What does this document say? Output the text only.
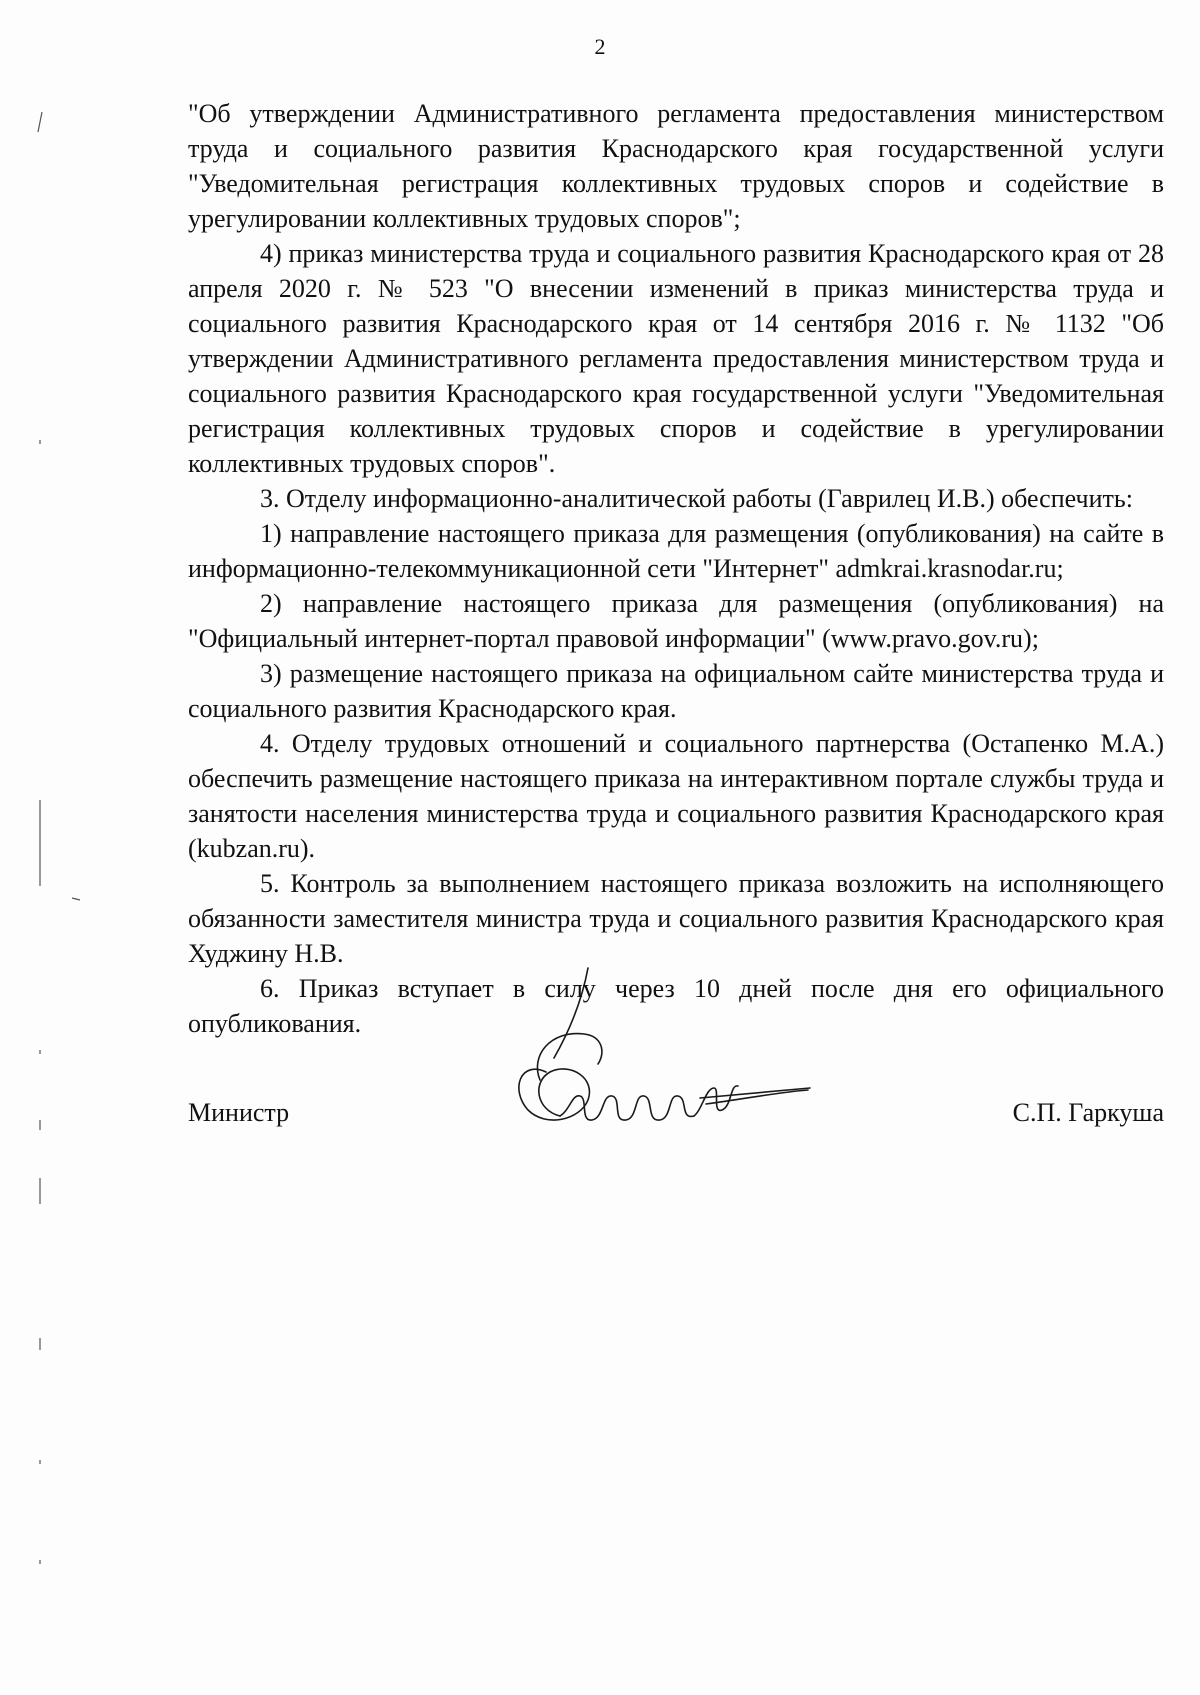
2

"Об утверждении Административного регламента предоставления министерством труда и социального развития Краснодарского края государственной услуги "Уведомительная регистрация коллективных трудовых споров и содействие в урегулировании коллективных трудовых споров";

4) приказ министерства труда и социального развития Краснодарского края от 28 апреля 2020 г. № 523 "О внесении изменений в приказ министерства труда и социального развития Краснодарского края от 14 сентября 2016 г. № 1132 "Об утверждении Административного регламента предоставления министерством труда и социального развития Краснодарского края государственной услуги "Уведомительная регистрация коллективных трудовых споров и содействие в урегулировании коллективных трудовых споров".

3. Отделу информационно-аналитической работы (Гаврилец И.В.) обеспечить:

1) направление настоящего приказа для размещения (опубликования) на сайте в информационно-телекоммуникационной сети "Интернет" admkrai.krasnodar.ru;

2) направление настоящего приказа для размещения (опубликования) на "Официальный интернет-портал правовой информации" (www.pravo.gov.ru);

3) размещение настоящего приказа на официальном сайте министерства труда и социального развития Краснодарского края.

4. Отделу трудовых отношений и социального партнерства (Остапенко М.А.) обеспечить размещение настоящего приказа на интерактивном портале службы труда и занятости населения министерства труда и социального развития Краснодарского края (kubzan.ru).

5. Контроль за выполнением настоящего приказа возложить на исполняющего обязанности заместителя министра труда и социального развития Краснодарского края Худжину Н.В.

6. Приказ вступает в силу через 10 дней после дня его официального опубликования.

Министр	С.П. Гаркуша
